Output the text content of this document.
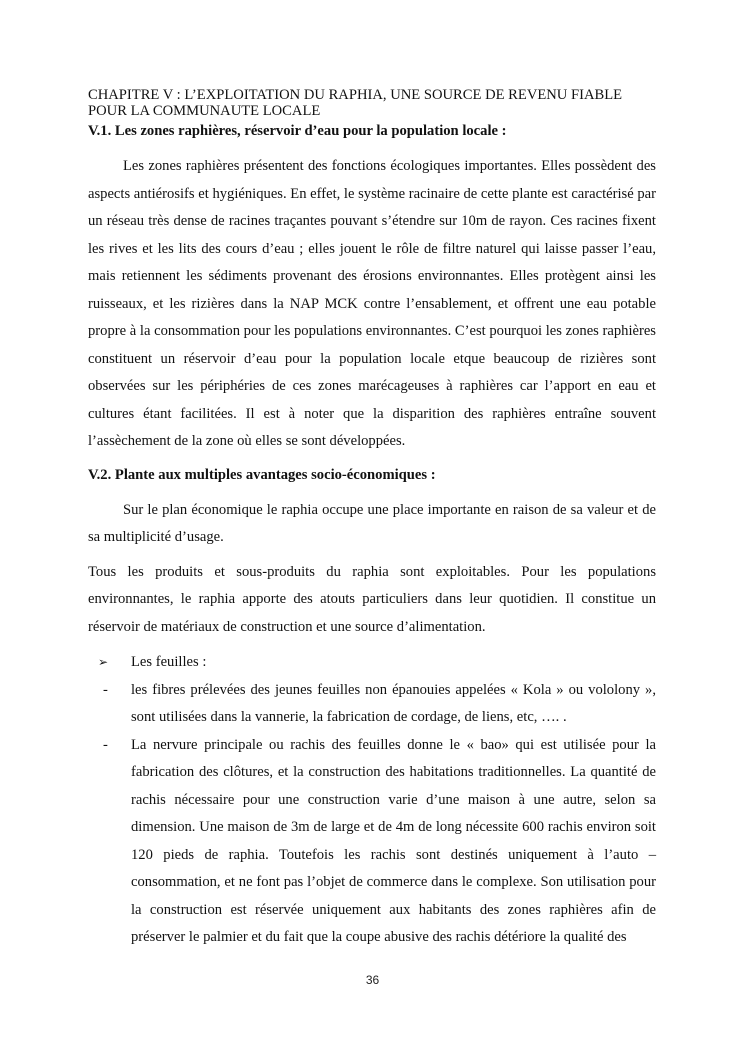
CHAPITRE V : L’EXPLOITATION DU RAPHIA, UNE SOURCE DE REVENU FIABLE POUR LA COMMUNAUTE LOCALE

V.1. Les zones raphières, réservoir d’eau pour la population locale :

Les zones raphières présentent des fonctions écologiques importantes. Elles possèdent des aspects antiérosifs et hygiéniques. En effet, le système racinaire de cette plante est caractérisé par un réseau très dense de racines traçantes pouvant s’étendre sur 10m de rayon. Ces racines fixent les rives et les lits des cours d’eau ; elles jouent le rôle de filtre naturel qui laisse passer l’eau, mais retiennent les sédiments provenant des érosions environnantes. Elles protègent ainsi les ruisseaux, et les rizières dans la NAP MCK contre l’ensablement, et offrent une eau potable propre à la consommation pour les populations environnantes. C’est pourquoi les zones raphières constituent un réservoir d’eau pour la population locale etque beaucoup de rizières sont observées sur les périphéries de ces zones marécageuses à raphières car l’apport en eau et cultures étant facilitées. Il est à noter que la disparition des raphières entraîne souvent l’assèchement de la zone où elles se sont développées.

V.2. Plante aux multiples avantages socio-économiques :

Sur le plan économique le raphia occupe une place importante en raison de sa valeur et de sa multiplicité d’usage.

Tous les produits et sous-produits du raphia sont exploitables. Pour les populations environnantes, le raphia apporte des atouts particuliers dans leur quotidien. Il constitue un réservoir de matériaux de construction et une source d’alimentation.

➢ Les feuilles :

- les fibres prélevées des jeunes feuilles non épanouies appelées « Kola » ou vololony », sont utilisées dans la vannerie, la fabrication de cordage, de liens, etc, …. .

- La nervure principale ou rachis des feuilles donne le « bao» qui est utilisée pour la fabrication des clôtures, et la construction des habitations traditionnelles. La quantité de rachis nécessaire pour une construction varie d’une maison à une autre, selon sa dimension. Une maison de 3m de large et de 4m de long nécessite 600 rachis environ soit 120 pieds de raphia. Toutefois les rachis sont destinés uniquement à l’auto –consommation, et ne font pas l’objet de commerce dans le complexe. Son utilisation pour la construction est réservée uniquement aux habitants des zones raphières afin de préserver le palmier et du fait que la coupe abusive des rachis détériore la qualité des

36
